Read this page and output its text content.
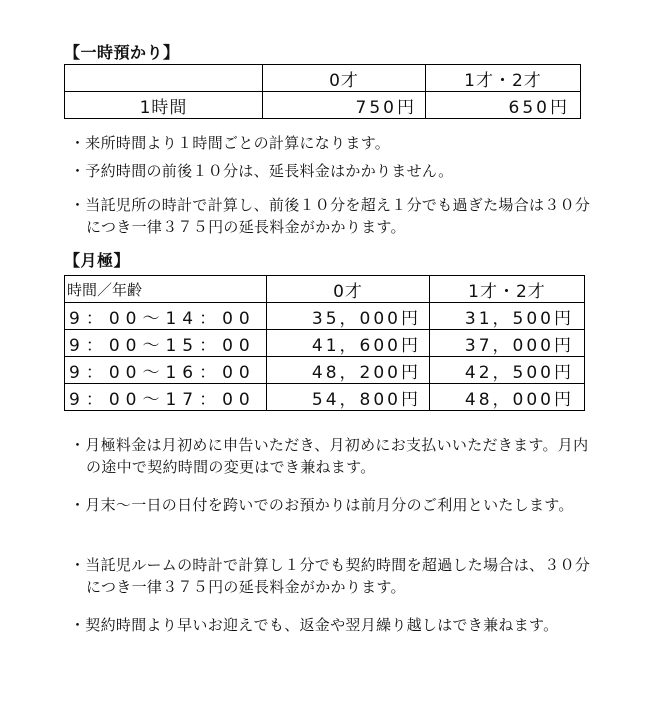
【一時預かり】
	0才	1才・2才
1時間	750円	650円
・来所時間より１時間ごとの計算になります。
・予約時間の前後１０分は、延長料金はかかりません。
・当託児所の時計で計算し、前後１０分を超え１分でも過ぎた場合は３０分につき一律３７５円の延長料金がかかります。
【月極】
時間／年齢	0才	1才・2才
9：00～14：00	35，000円	31，500円
9：00～15：00	41，600円	37，000円
9：00～16：00	48，200円	42，500円
9：00～17：00	54，800円	48，000円
・月極料金は月初めに申告いただき、月初めにお支払いいただきます。月内の途中で契約時間の変更はでき兼ねます。
・月末～一日の日付を跨いでのお預かりは前月分のご利用といたします。
・当託児ルームの時計で計算し１分でも契約時間を超過した場合は、３０分につき一律３７５円の延長料金がかかります。
・契約時間より早いお迎えでも、返金や翌月繰り越しはでき兼ねます。
